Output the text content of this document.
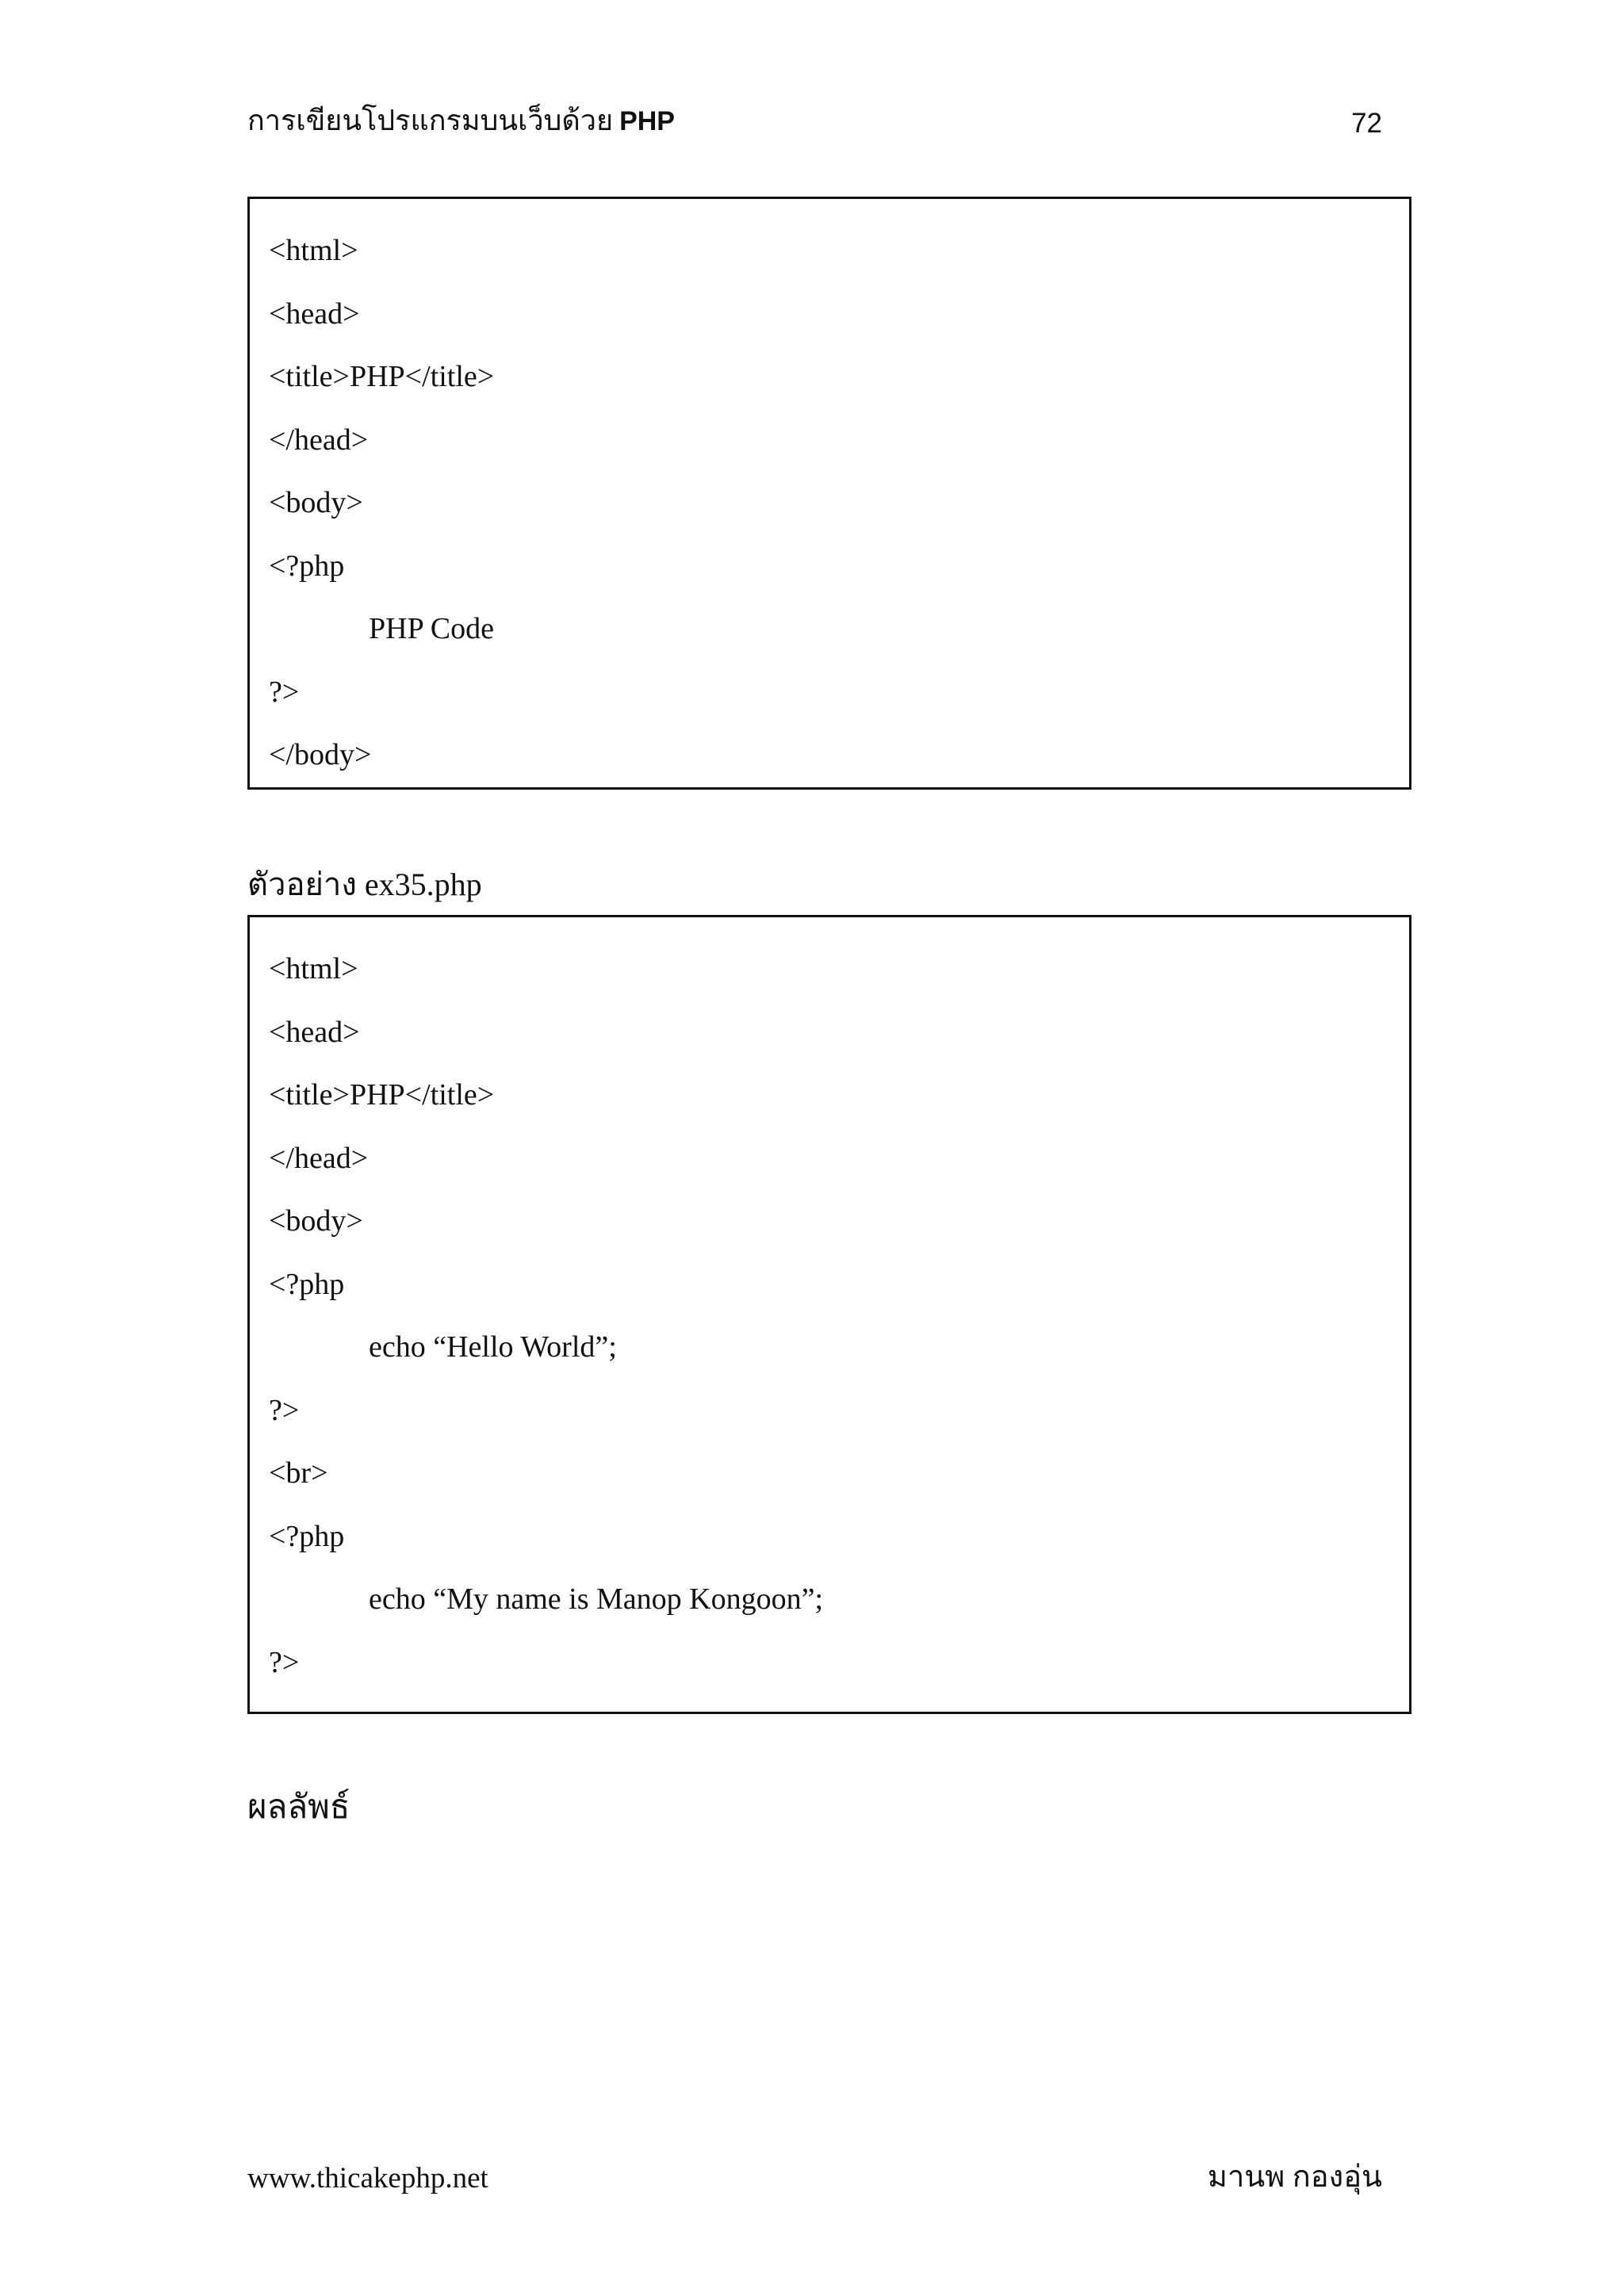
การเขียนโปรแกรมบนเว็บด้วย PHP	72
<html>
<head>
<title>PHP</title>
</head>
<body>
<?php
PHP Code
?>
</body>
ตัวอย่าง ex35.php
<html>
<head>
<title>PHP</title>
</head>
<body>
<?php
echo “Hello World”;
?>
<br>
<?php
echo “My name is Manop Kongoon”;
?>
ผลลัพธ์
www.thicakephp.net	มานพ กองอุ่น
